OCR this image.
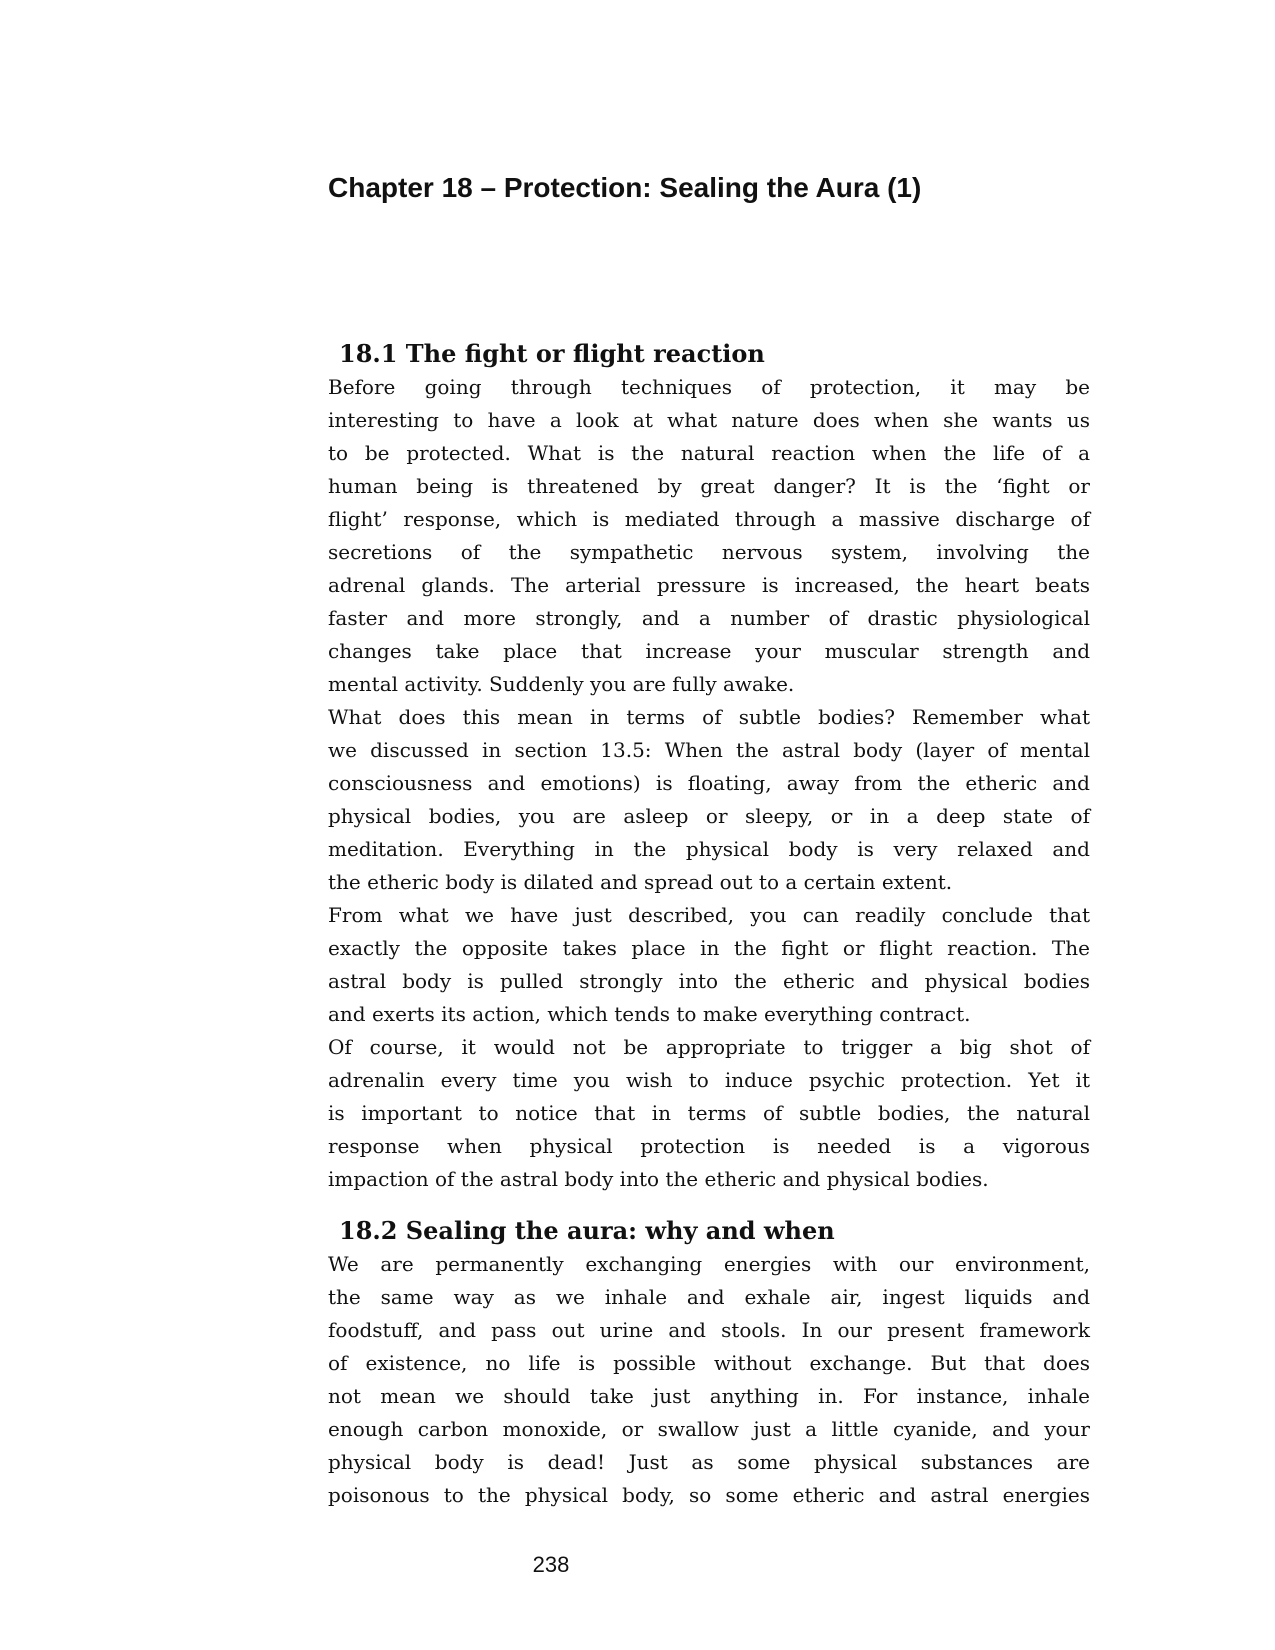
Chapter 18 – Protection: Sealing the Aura (1)
18.1 The fight or flight reaction

Before going through techniques of protection, it may be
interesting to have a look at what nature does when she wants us
to be protected. What is the natural reaction when the life of a
human being is threatened by great danger? It is the ‘fight or
flight’ response, which is mediated through a massive discharge of
secretions of the sympathetic nervous system, involving the
adrenal glands. The arterial pressure is increased, the heart beats
faster and more strongly, and a number of drastic physiological
changes take place that increase your muscular strength and
mental activity. Suddenly you are fully awake.

What does this mean in terms of subtle bodies? Remember what
we discussed in section 13.5: When the astral body (layer of mental
consciousness and emotions) is floating, away from the etheric and
physical bodies, you are asleep or sleepy, or in a deep state of
meditation. Everything in the physical body is very relaxed and
the etheric body is dilated and spread out to a certain extent.

From what we have just described, you can readily conclude that
exactly the opposite takes place in the fight or flight reaction. The
astral body is pulled strongly into the etheric and physical bodies
and exerts its action, which tends to make everything contract.

Of course, it would not be appropriate to trigger a big shot of
adrenalin every time you wish to induce psychic protection. Yet it
is important to notice that in terms of subtle bodies, the natural
response when physical protection is needed is a vigorous
impaction of the astral body into the etheric and physical bodies.

18.2 Sealing the aura: why and when

We are permanently exchanging energies with our environment,
the same way as we inhale and exhale air, ingest liquids and
foodstuff, and pass out urine and stools. In our present framework
of existence, no life is possible without exchange. But that does
not mean we should take just anything in. For instance, inhale
enough carbon monoxide, or swallow just a little cyanide, and your
physical body is dead! Just as some physical substances are
poisonous to the physical body, so some etheric and astral energies

238
